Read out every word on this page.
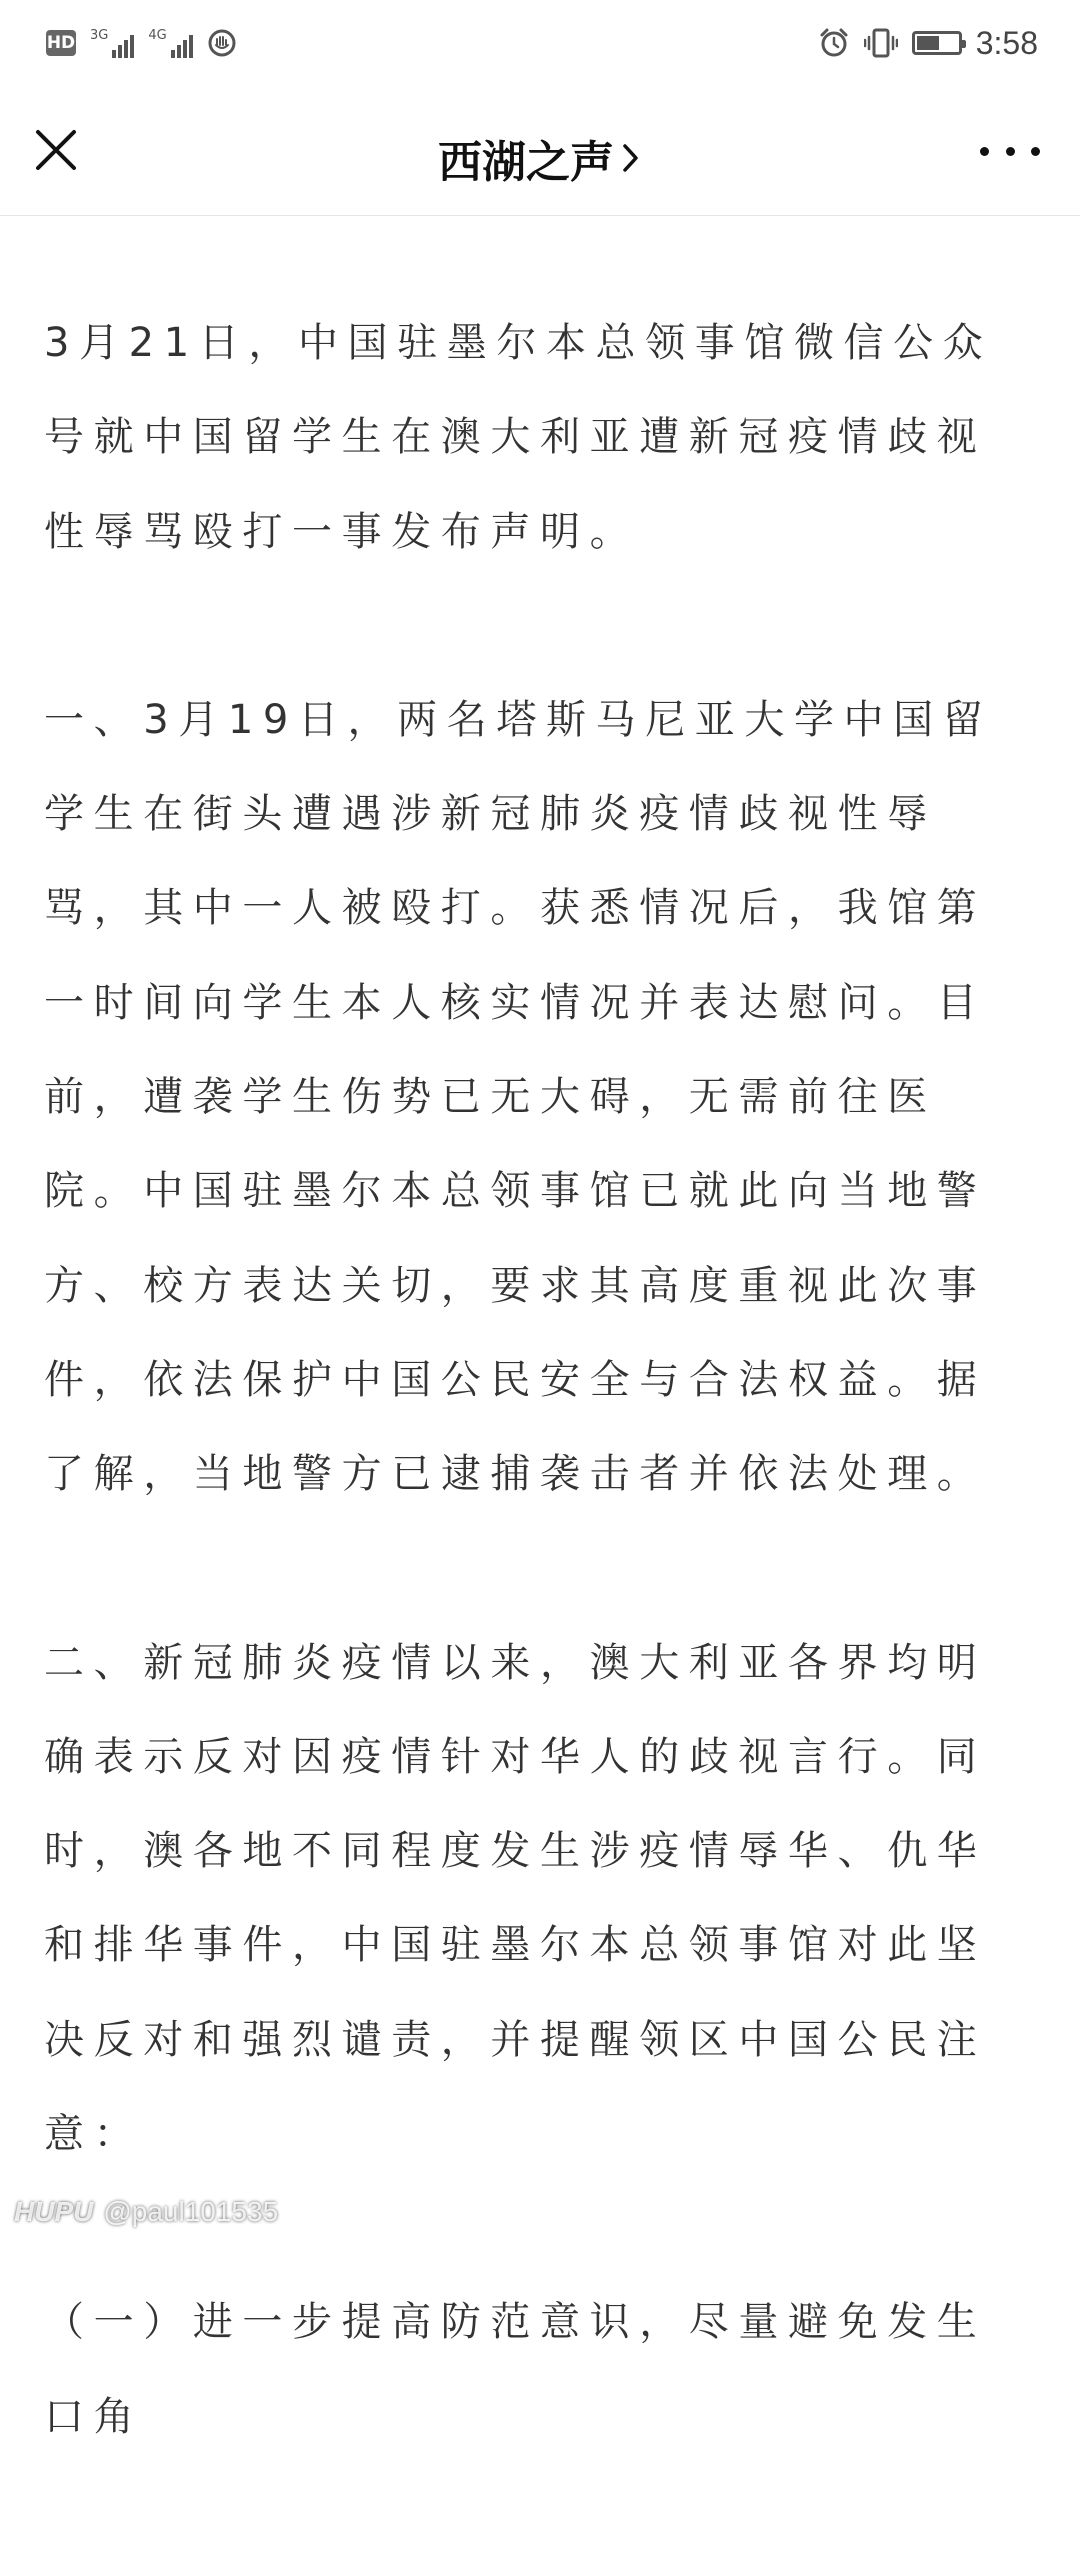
HD 3G	4G	3:58
西湖之声

3月21日，中国驻墨尔本总领事馆微信公众号就中国留学生在澳大利亚遭新冠疫情歧视性辱骂殴打一事发布声明。

一、3月19日，两名塔斯马尼亚大学中国留学生在街头遭遇涉新冠肺炎疫情歧视性辱骂，其中一人被殴打。获悉情况后，我馆第一时间向学生本人核实情况并表达慰问。目前，遭袭学生伤势已无大碍，无需前往医院。中国驻墨尔本总领事馆已就此向当地警方、校方表达关切，要求其高度重视此次事件，依法保护中国公民安全与合法权益。据了解，当地警方已逮捕袭击者并依法处理。

二、新冠肺炎疫情以来，澳大利亚各界均明确表示反对因疫情针对华人的歧视言行。同时，澳各地不同程度发生涉疫情辱华、仇华和排华事件，中国驻墨尔本总领事馆对此坚决反对和强烈谴责，并提醒领区中国公民注意：

（一）进一步提高防范意识，尽量避免发生口角

HUPU @paul101535
